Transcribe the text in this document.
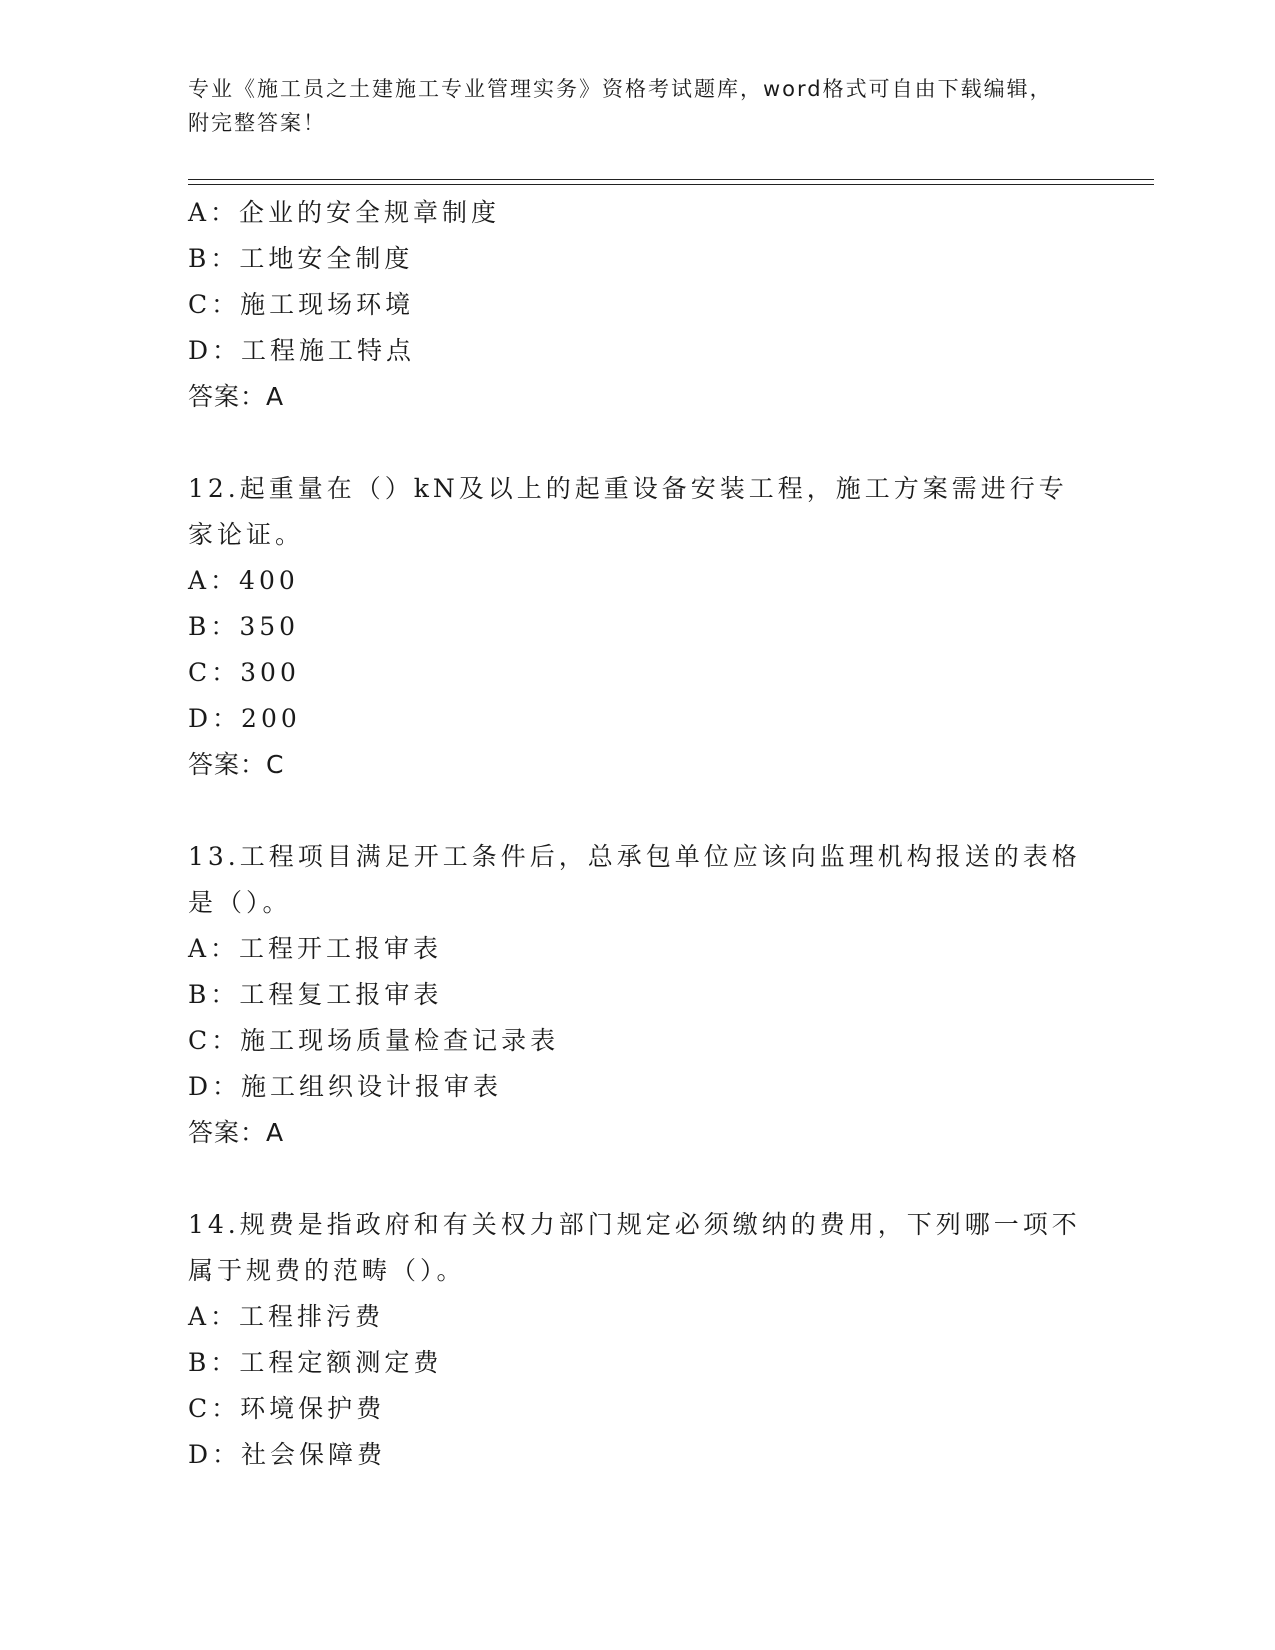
专业《施工员之土建施工专业管理实务》资格考试题库，word格式可自由下载编辑，附完整答案！
A：企业的安全规章制度
B：工地安全制度
C：施工现场环境
D：工程施工特点
答案：A
12.起重量在（）kN及以上的起重设备安装工程，施工方案需进行专家论证。
A：400
B：350
C：300
D：200
答案：C
13.工程项目满足开工条件后，总承包单位应该向监理机构报送的表格是（）。
A：工程开工报审表
B：工程复工报审表
C：施工现场质量检查记录表
D：施工组织设计报审表
答案：A
14.规费是指政府和有关权力部门规定必须缴纳的费用，下列哪一项不属于规费的范畴（）。
A：工程排污费
B：工程定额测定费
C：环境保护费
D：社会保障费
